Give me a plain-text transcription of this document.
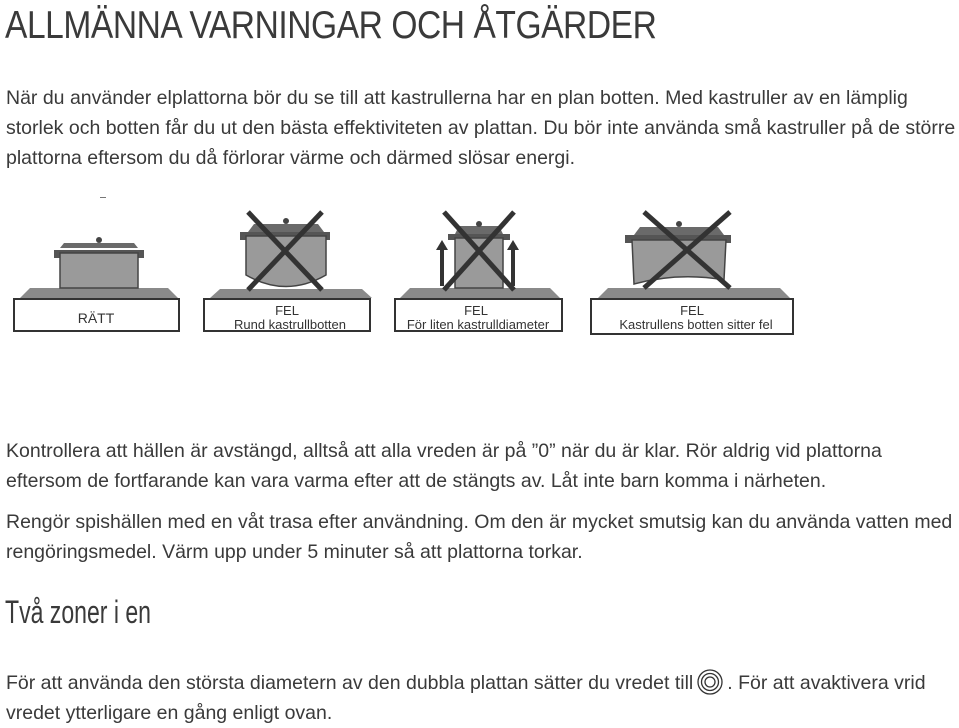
ALLMÄNNA VARNINGAR OCH ÅTGÄRDER

När du använder elplattorna bör du se till att kastrullerna har en plan botten. Med kastruller av en lämplig storlek och botten får du ut den bästa effektiviteten av plattan. Du bör inte använda små kastruller på de större plattorna eftersom du då förlorar värme och därmed slösar energi.

RÄTT	FEL
Rund kastrullbotten
FEL
För liten kastrulldiameter
FEL
Kastrullens botten sitter fel

Kontrollera att hällen är avstängd, alltså att alla vreden är på ”0” när du är klar. Rör aldrig vid plattorna eftersom de fortfarande kan vara varma efter att de stängts av. Låt inte barn komma i närheten.

Rengör spishällen med en våt trasa efter användning. Om den är mycket smutsig kan du använda vatten med rengöringsmedel. Värm upp under 5 minuter så att plattorna torkar.

Två zoner i en

För att använda den största diametern av den dubbla plattan sätter du vredet till . För att avaktivera vrid vredet ytterligare en gång enligt ovan.
